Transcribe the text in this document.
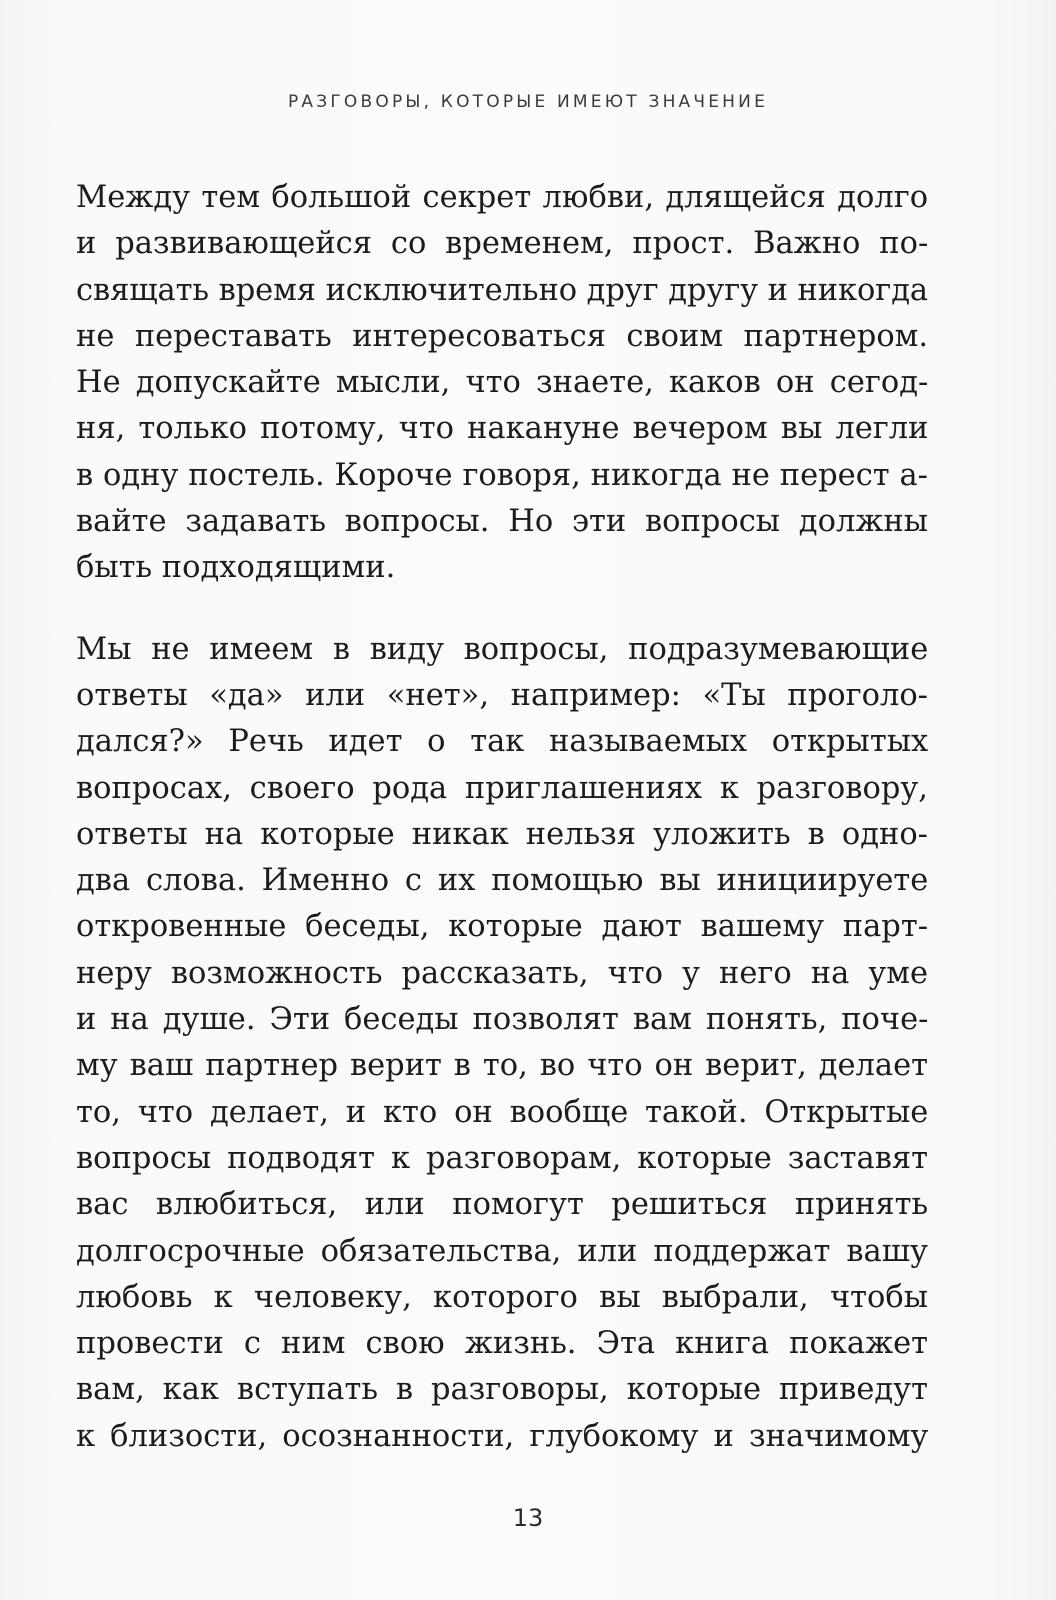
РАЗГОВОРЫ, КОТОРЫЕ ИМЕЮТ ЗНАЧЕНИЕ
Между тем большой секрет любви, длящейся долго
и развивающейся со временем, прост. Важно по-
свящать время исключительно друг другу и никогда
не переставать интересоваться своим партнером.
Не допускайте мысли, что знаете, каков он сегод-
ня, только потому, что накануне вечером вы легли
в одну постель. Короче говоря, никогда не перест а-
вайте задавать вопросы. Но эти вопросы должны
быть подходящими.
Мы не имеем в виду вопросы, подразумевающие
ответы «да» или «нет», например: «Ты проголо-
дался?» Речь идет о так называемых открытых
вопросах, своего рода приглашениях к разговору,
ответы на которые никак нельзя уложить в одно-
два слова. Именно с их помощью вы инициируете
откровенные беседы, которые дают вашему парт-
неру возможность рассказать, что у него на уме
и на душе. Эти беседы позволят вам понять, поче-
му ваш партнер верит в то, во что он верит, делает
то, что делает, и кто он вообще такой. Открытые
вопросы подводят к разговорам, которые заставят
вас влюбиться, или помогут решиться принять
долгосрочные обязательства, или поддержат вашу
любовь к человеку, которого вы выбрали, чтобы
провести с ним свою жизнь. Эта книга покажет
вам, как вступать в разговоры, которые приведут
к близости, осознанности, глубокому и значимому
13
